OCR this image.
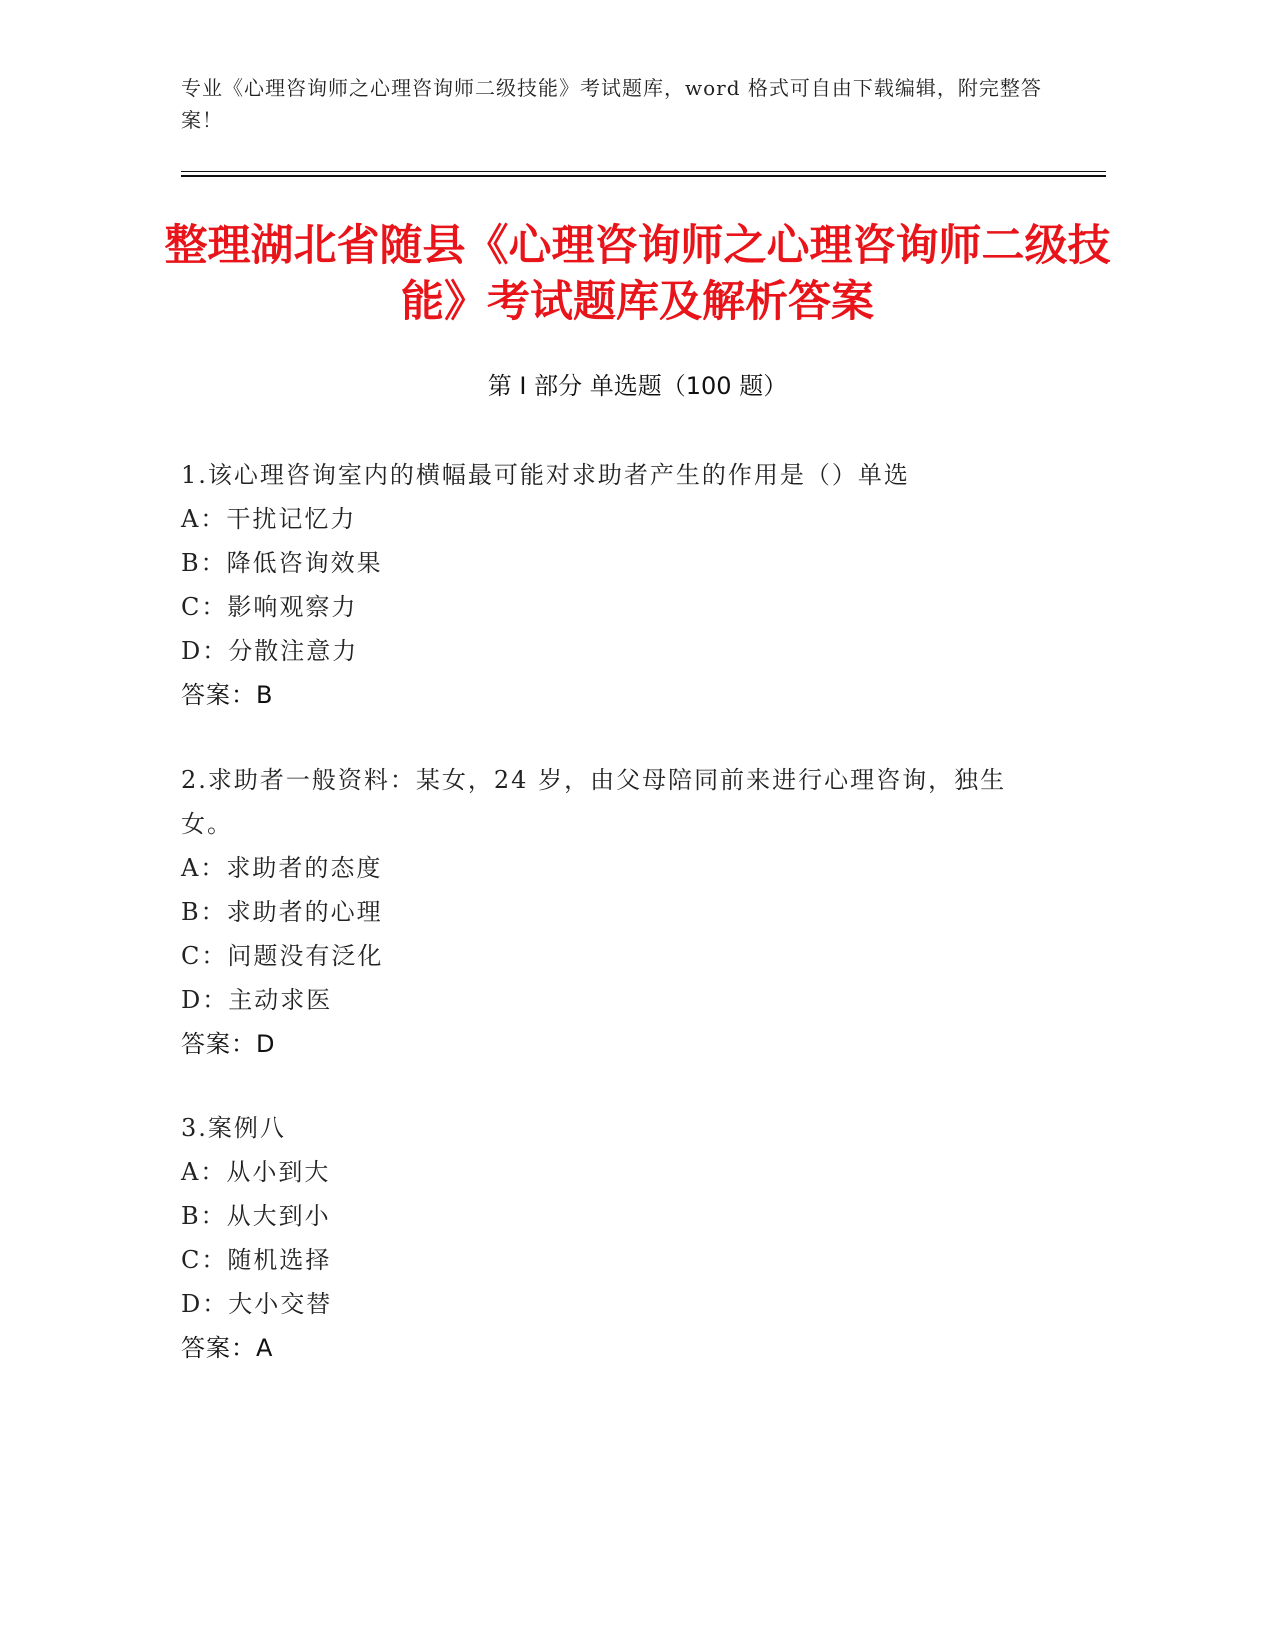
专业《心理咨询师之心理咨询师二级技能》考试题库，word 格式可自由下载编辑，附完整答案！
整理湖北省随县《心理咨询师之心理咨询师二级技能》考试题库及解析答案
第 I 部分 单选题（100 题）
1.该心理咨询室内的横幅最可能对求助者产生的作用是（）单选
A：干扰记忆力
B：降低咨询效果
C：影响观察力
D：分散注意力
答案：B
2.求助者一般资料：某女，24 岁，由父母陪同前来进行心理咨询，独生女。
A：求助者的态度
B：求助者的心理
C：问题没有泛化
D：主动求医
答案：D
3.案例八
A：从小到大
B：从大到小
C：随机选择
D：大小交替
答案：A
